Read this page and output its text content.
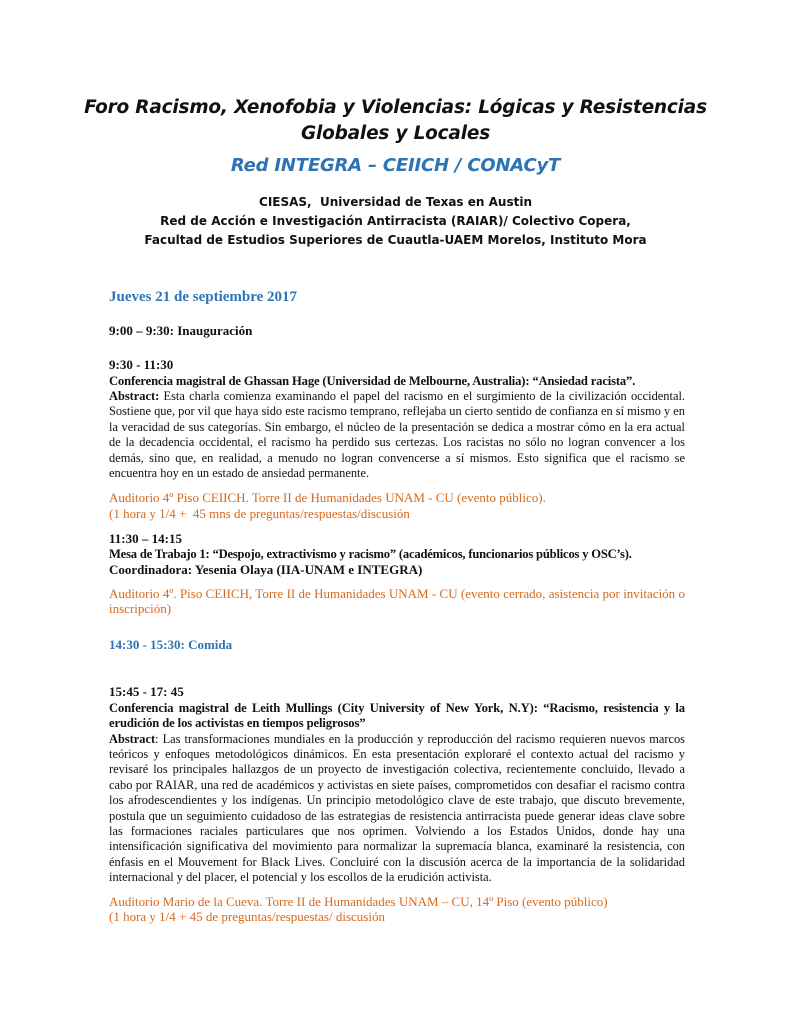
Foro Racismo, Xenofobia y Violencias: Lógicas y Resistencias
Globales y Locales
Red INTEGRA – CEIICH / CONACyT
CIESAS,  Universidad de Texas en Austin
Red de Acción e Investigación Antirracista (RAIAR)/ Colectivo Copera,
Facultad de Estudios Superiores de Cuautla-UAEM Morelos, Instituto Mora
Jueves 21 de septiembre 2017
9:00 – 9:30: Inauguración
9:30 - 11:30
Conferencia magistral de Ghassan Hage (Universidad de Melbourne, Australia): “Ansiedad racista”.

Abstract: Esta charla comienza examinando el papel del racismo en el surgimiento de la civilización occidental. Sostiene que, por vil que haya sido este racismo temprano, reflejaba un cierto sentido de confianza en sí mismo y en la veracidad de sus categorías. Sin embargo, el núcleo de la presentación se dedica a mostrar cómo en la era actual de la decadencia occidental, el racismo ha perdido sus certezas. Los racistas no sólo no logran convencer a los demás, sino que, en realidad, a menudo no logran convencerse a sí mismos. Esto significa que el racismo se encuentra hoy en un estado de ansiedad permanente.

Auditorio 4º Piso CEIICH. Torre II de Humanidades UNAM - CU (evento público).
(1 hora y 1/4 +  45 mns de preguntas/respuestas/discusión
11:30 – 14:15
Mesa de Trabajo 1: “Despojo, extractivismo y racismo” (académicos, funcionarios públicos y OSC’s).
Coordinadora: Yesenia Olaya (IIA-UNAM e INTEGRA)
Auditorio 4º. Piso CEIICH, Torre II de Humanidades UNAM - CU (evento cerrado, asistencia por invitación o inscripción)
14:30 - 15:30: Comida
15:45 - 17: 45
Conferencia magistral de Leith Mullings (City University of New York, N.Y): “Racismo, resistencia y la erudición de los activistas en tiempos peligrosos”

Abstract: Las transformaciones mundiales en la producción y reproducción del racismo requieren nuevos marcos teóricos y enfoques metodológicos dinámicos. En esta presentación exploraré el contexto actual del racismo y revisaré los principales hallazgos de un proyecto de investigación colectiva, recientemente concluido, llevado a cabo por RAIAR, una red de académicos y activistas en siete países, comprometidos con desafiar el racismo contra los afrodescendientes y los indígenas. Un principio metodológico clave de este trabajo, que discuto brevemente, postula que un seguimiento cuidadoso de las estrategias de resistencia antirracista puede generar ideas clave sobre las formaciones raciales particulares que nos oprimen. Volviendo a los Estados Unidos, donde hay una intensificación significativa del movimiento para normalizar la supremacía blanca, examinaré la resistencia, con énfasis en el Mouvement for Black Lives. Concluiré con la discusión acerca de la importancia de la solidaridad internacional y del placer, el potencial y los escollos de la erudición activista.

Auditorio Mario de la Cueva. Torre II de Humanidades UNAM – CU, 14º Piso (evento público)
(1 hora y 1/4 + 45 de preguntas/respuestas/ discusión
